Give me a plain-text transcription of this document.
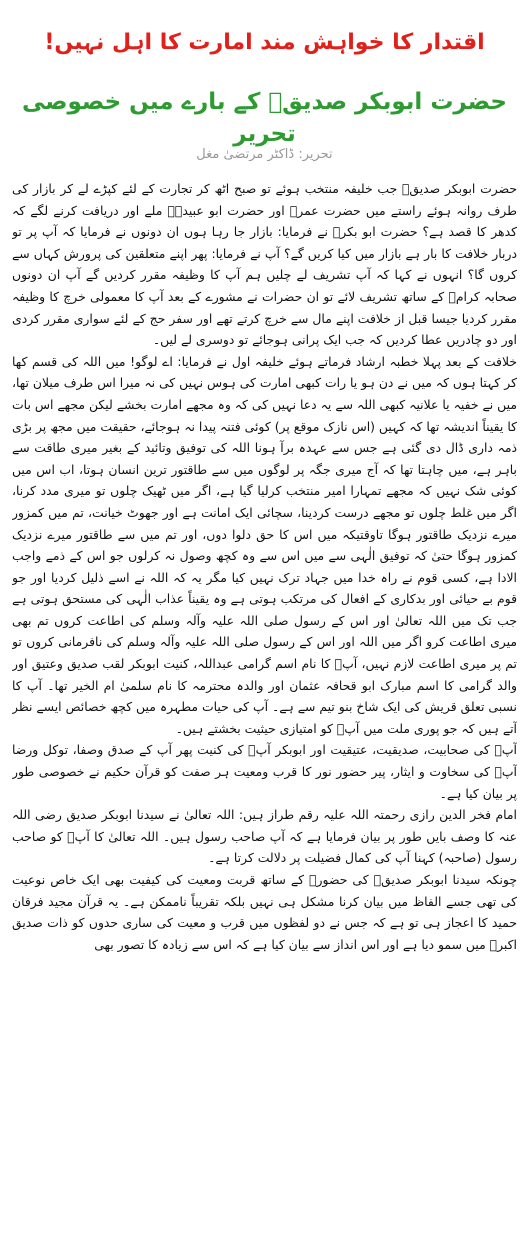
اقتدار کا خواہش مند امارت کا اہل نہیں!
حضرت ابوبکر صدیقؓ کے بارے میں خصوصی تحریر
تحریر: ڈاکٹر مرتضیٰ مغل

حضرت ابوبکر صدیقؓ جب خلیفہ منتخب ہوئے تو صبح اٹھ کر تجارت کے لئے کپڑے لے کر بازار کی طرف روانہ ہوئے راستے میں حضرت عمرؓ اور حضرت ابو عبیدہؓ ملے اور دریافت کرنے لگے کہ کدھر کا قصد ہے؟ حضرت ابو بکرؓ نے فرمایا: بازار جا رہا ہوں ان دونوں نے فرمایا کہ آپ پر تو دربار خلافت کا بار ہے بازار میں کیا کریں گے؟ آپ نے فرمایا: پھر اپنے متعلقین کی پرورش کہاں سے کروں گا؟ انہوں نے کہا کہ آپ تشریف لے چلیں ہم آپ کا وظیفہ مقرر کردیں گے آپ ان دونوں صحابہ کرامؓ کے ساتھ تشریف لائے تو ان حضرات نے مشورے کے بعد آپ کا معمولی خرچ کا وظیفہ مقرر کردیا جیسا قبل از خلافت اپنے مال سے خرچ کرتے تھے اور سفر حج کے لئے سواری مقرر کردی اور دو چادریں عطا کردیں کہ جب ایک پرانی ہوجائے تو دوسری لے لیں۔

خلافت کے بعد پہلا خطبہ ارشاد فرماتے ہوئے خلیفہ اول نے فرمایا: اے لوگو! میں اللہ کی قسم کھا کر کہتا ہوں کہ میں نے دن ہو یا رات کبھی امارت کی ہوس نہیں کی نہ میرا اس طرف میلان تھا، میں نے خفیہ یا علانیہ کبھی اللہ سے یہ دعا نہیں کی کہ وہ مجھے امارت بخشے لیکن مجھے اس بات کا یقیناً اندیشہ تھا کہ کہیں (اس نازک موقع پر) کوئی فتنہ پیدا نہ ہوجائے، حقیقت میں مجھ پر بڑی ذمہ داری ڈال دی گئی ہے جس سے عہدہ برآ ہونا اللہ کی توفیق وتائید کے بغیر میری طاقت سے باہر ہے، میں چاہتا تھا کہ آج میری جگہ پر لوگوں میں سے طاقتور ترین انسان ہوتا، اب اس میں کوئی شک نہیں کہ مجھے تمہارا امیر منتخب کرلیا گیا ہے، اگر میں ٹھیک چلوں تو میری مدد کرنا، اگر میں غلط چلوں تو مجھے درست کردینا، سچائی ایک امانت ہے اور جھوٹ خیانت، تم میں کمزور میرے نزدیک طاقتور ہوگا تاوقتیکہ میں اس کا حق دلوا دوں، اور تم میں سے طاقتور میرے نزدیک کمزور ہوگا حتیٰ کہ توفیق الٰہی سے میں اس سے وہ کچھ وصول نہ کرلوں جو اس کے ذمے واجب الادا ہے، کسی قوم نے راہ خدا میں جہاد ترک نہیں کیا مگر یہ کہ اللہ نے اسے ذلیل کردیا اور جو قوم بے حیائی اور بدکاری کے افعال کی مرتکب ہوتی ہے وہ یقیناً عذاب الٰہی کی مستحق ہوتی ہے جب تک میں اللہ تعالیٰ اور اس کے رسول صلی اللہ علیہ وآلہ وسلم کی اطاعت کروں تم بھی میری اطاعت کرو اگر میں اللہ اور اس کے رسول صلی اللہ علیہ وآلہ وسلم کی نافرمانی کروں تو تم پر میری اطاعت لازم نہیں، آپؓ کا نام اسم گرامی عبداللہ، کنیت ابوبکر لقب صدیق وعتیق اور والد گرامی کا اسم مبارک ابو قحافہ عثمان اور والدہ محترمہ کا نام سلمیٰ ام الخیر تھا۔ آپ کا نسبی تعلق قریش کی ایک شاخ بنو تیم سے ہے۔ آپ کی حیات مطہرہ میں کچھ خصائص ایسے نظر آتے ہیں کہ جو پوری ملت میں آپؓ کو امتیازی حیثیت بخشتے ہیں۔

آپؓ کی صحابیت، صدیقیت، عتیقیت اور ابوبکر آپؓ کی کنیت پھر آپ کے صدق وصفا، توکل ورضا آپؓ کی سخاوت و ایثار، پیر حضور نور کا قرب ومعیت ہر صفت کو قرآن حکیم نے خصوصی طور پر بیان کیا ہے۔

امام فخر الدین رازی رحمتہ اللہ علیہ رقم طراز ہیں: اللہ تعالیٰ نے سیدنا ابوبکر صدیق رضی اللہ عنہ کا وصف بایں طور پر بیان فرمایا ہے کہ آپ صاحب رسول ہیں۔ اللہ تعالیٰ کا آپؓ کو صاحب رسول (صاحبہ) کہنا آپ کی کمال فضیلت پر دلالت کرتا ہے۔

چونکہ سیدنا ابوبکر صدیقؓ کی حضورؐ کے ساتھ قربت ومعیت کی کیفیت بھی ایک خاص نوعیت کی تھی جسے الفاظ میں بیان کرنا مشکل ہی نہیں بلکہ تقریباً ناممکن ہے۔ یہ قرآن مجید فرقان حمید کا اعجاز ہی تو ہے کہ جس نے دو لفظوں میں قرب و معیت کی ساری حدوں کو ذات صدیق اکبرؓ میں سمو دیا ہے اور اس انداز سے بیان کیا ہے کہ اس سے زیادہ کا تصور بھی
